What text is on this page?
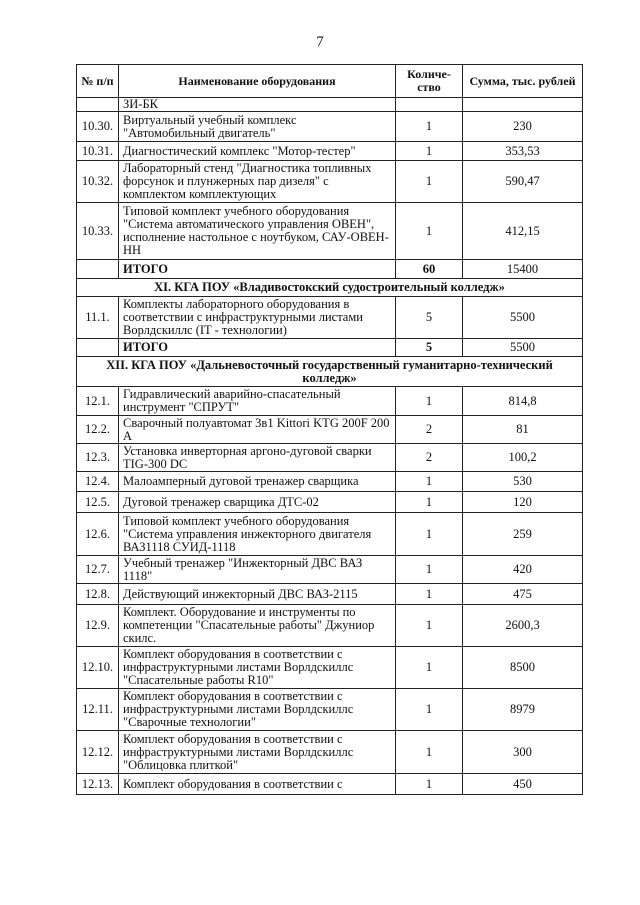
7
№ п/п	Наименование оборудования	Количе-ство	Сумма, тыс. рублей
	ЗИ-БК		
10.30.	Виртуальный учебный комплекс "Автомобильный двигатель"	1	230
10.31.	Диагностический комплекс "Мотор-тестер"	1	353,53
10.32.	Лабораторный стенд "Диагностика топливных форсунок и плунжерных пар дизеля" с комплектом комплектующих	1	590,47
10.33.	Типовой комплект учебного оборудования "Система автоматического управления ОВЕН", исполнение настольное с ноутбуком, САУ-ОВЕН-НН	1	412,15
	ИТОГО	60	15400
XI. КГА ПОУ «Владивостокский судостроительный колледж»			
11.1.	Комплекты лабораторного оборудования в соответствии с инфраструктурными листами Ворлдскиллс (IT - технологии)	5	5500
	ИТОГО	5	5500
XII. КГА ПОУ «Дальневосточный государственный гуманитарно-технический колледж»			
12.1.	Гидравлический аварийно-спасательный инструмент "СПРУТ"	1	814,8
12.2.	Сварочный полуавтомат 3в1 Kittori KTG 200F 200 A	2	81
12.3.	Установка инверторная аргоно-дуговой сварки TIG-300 DC	2	100,2
12.4.	Малоамперный дуговой тренажер сварщика	1	530
12.5.	Дуговой тренажер сварщика ДТС-02	1	120
12.6.	Типовой комплект учебного оборудования "Система управления инжекторного двигателя ВАЗ1118 СУИД-1118	1	259
12.7.	Учебный тренажер "Инжекторный ДВС ВАЗ 1118"	1	420
12.8.	Действующий инжекторный ДВС ВАЗ-2115	1	475
12.9.	Комплект. Оборудование и инструменты по компетенции "Спасательные работы" Джуниор скилс.	1	2600,3
12.10.	Комплект оборудования в соответствии с инфраструктурными листами Ворлдскиллс "Спасательные работы R10"	1	8500
12.11.	Комплект оборудования в соответствии с инфраструктурными листами Ворлдскиллс "Сварочные технологии"	1	8979
12.12.	Комплект оборудования в соответствии с инфраструктурными листами Ворлдскиллс "Облицовка плиткой"	1	300
12.13.	Комплект оборудования в соответствии с	1	450
